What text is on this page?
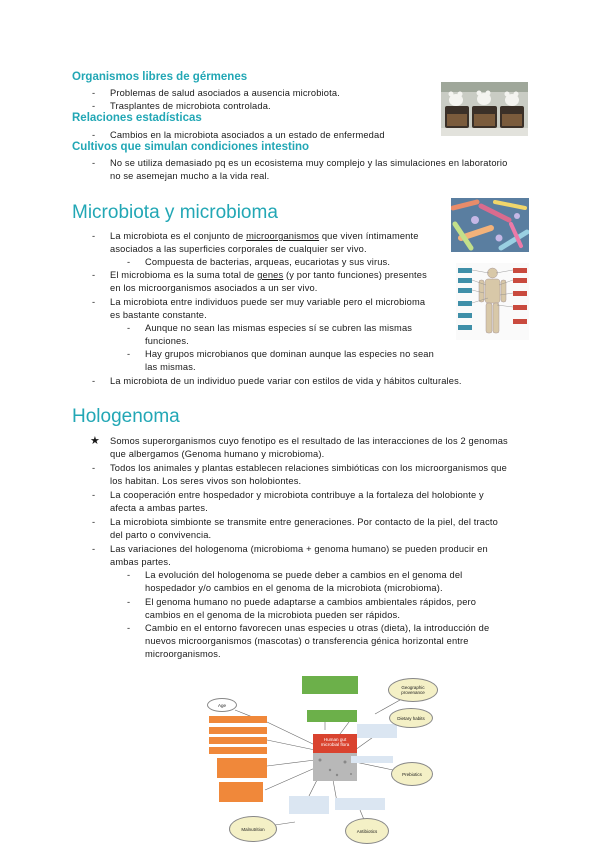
Organismos libres de gérmenes
- Problemas de salud asociados a ausencia microbiota.
- Trasplantes de microbiota controlada.
Relaciones estadísticas
- Cambios en la microbiota asociados a un estado de enfermedad
Cultivos que simulan condiciones intestino
- No se utiliza demasiado pq es un ecosistema muy complejo y las simulaciones en laboratorio
no se asemejan mucho a la vida real.
Microbiota y microbioma
- La microbiota es el conjunto de microorganismos que viven íntimamente
asociados a las superficies corporales de cualquier ser vivo.
- Compuesta de bacterias, arqueas, eucariotas y sus virus.
- El microbioma es la suma total de genes (y por tanto funciones) presentes
en los microorganismos asociados a un ser vivo.
- La microbiota entre individuos puede ser muy variable pero el microbioma
es bastante constante.
- Aunque no sean las mismas especies sí se cubren las mismas
funciones.
- Hay grupos microbianos que dominan aunque las especies no sean
las mismas.
- La microbiota de un individuo puede variar con estilos de vida y hábitos culturales.
Hologenoma
★ Somos superorganismos cuyo fenotipo es el resultado de las interacciones de los 2 genomas
que albergamos (Genoma humano y microbioma).
- Todos los animales y plantas establecen relaciones simbióticas con los microorganismos que
los habitan. Los seres vivos son holobiontes.
- La cooperación entre hospedador y microbiota contribuye a la fortaleza del holobionte y
afecta a ambas partes.
- La microbiota simbionte se transmite entre generaciones. Por contacto de la piel, del tracto
del parto o convivencia.
- Las variaciones del hologenoma (microbioma + genoma humano) se pueden producir en
ambas partes.
- La evolución del hologenoma se puede deber a cambios en el genoma del
hospedador y/o cambios en el genoma de la microbiota (microbioma).
- El genoma humano no puede adaptarse a cambios ambientales rápidos, pero
cambios en el genoma de la microbiota pueden ser rápidos.
- Cambio en el entorno favorecen unas especies u otras (dieta), la introducción de
nuevos microorganismos (mascotas) o transferencia génica horizontal entre
microorganismos.
Human gut microbial flora
Age
Geographic provenance
Dietary habits
Prebiotics
Antibiotics
Malnutrition
